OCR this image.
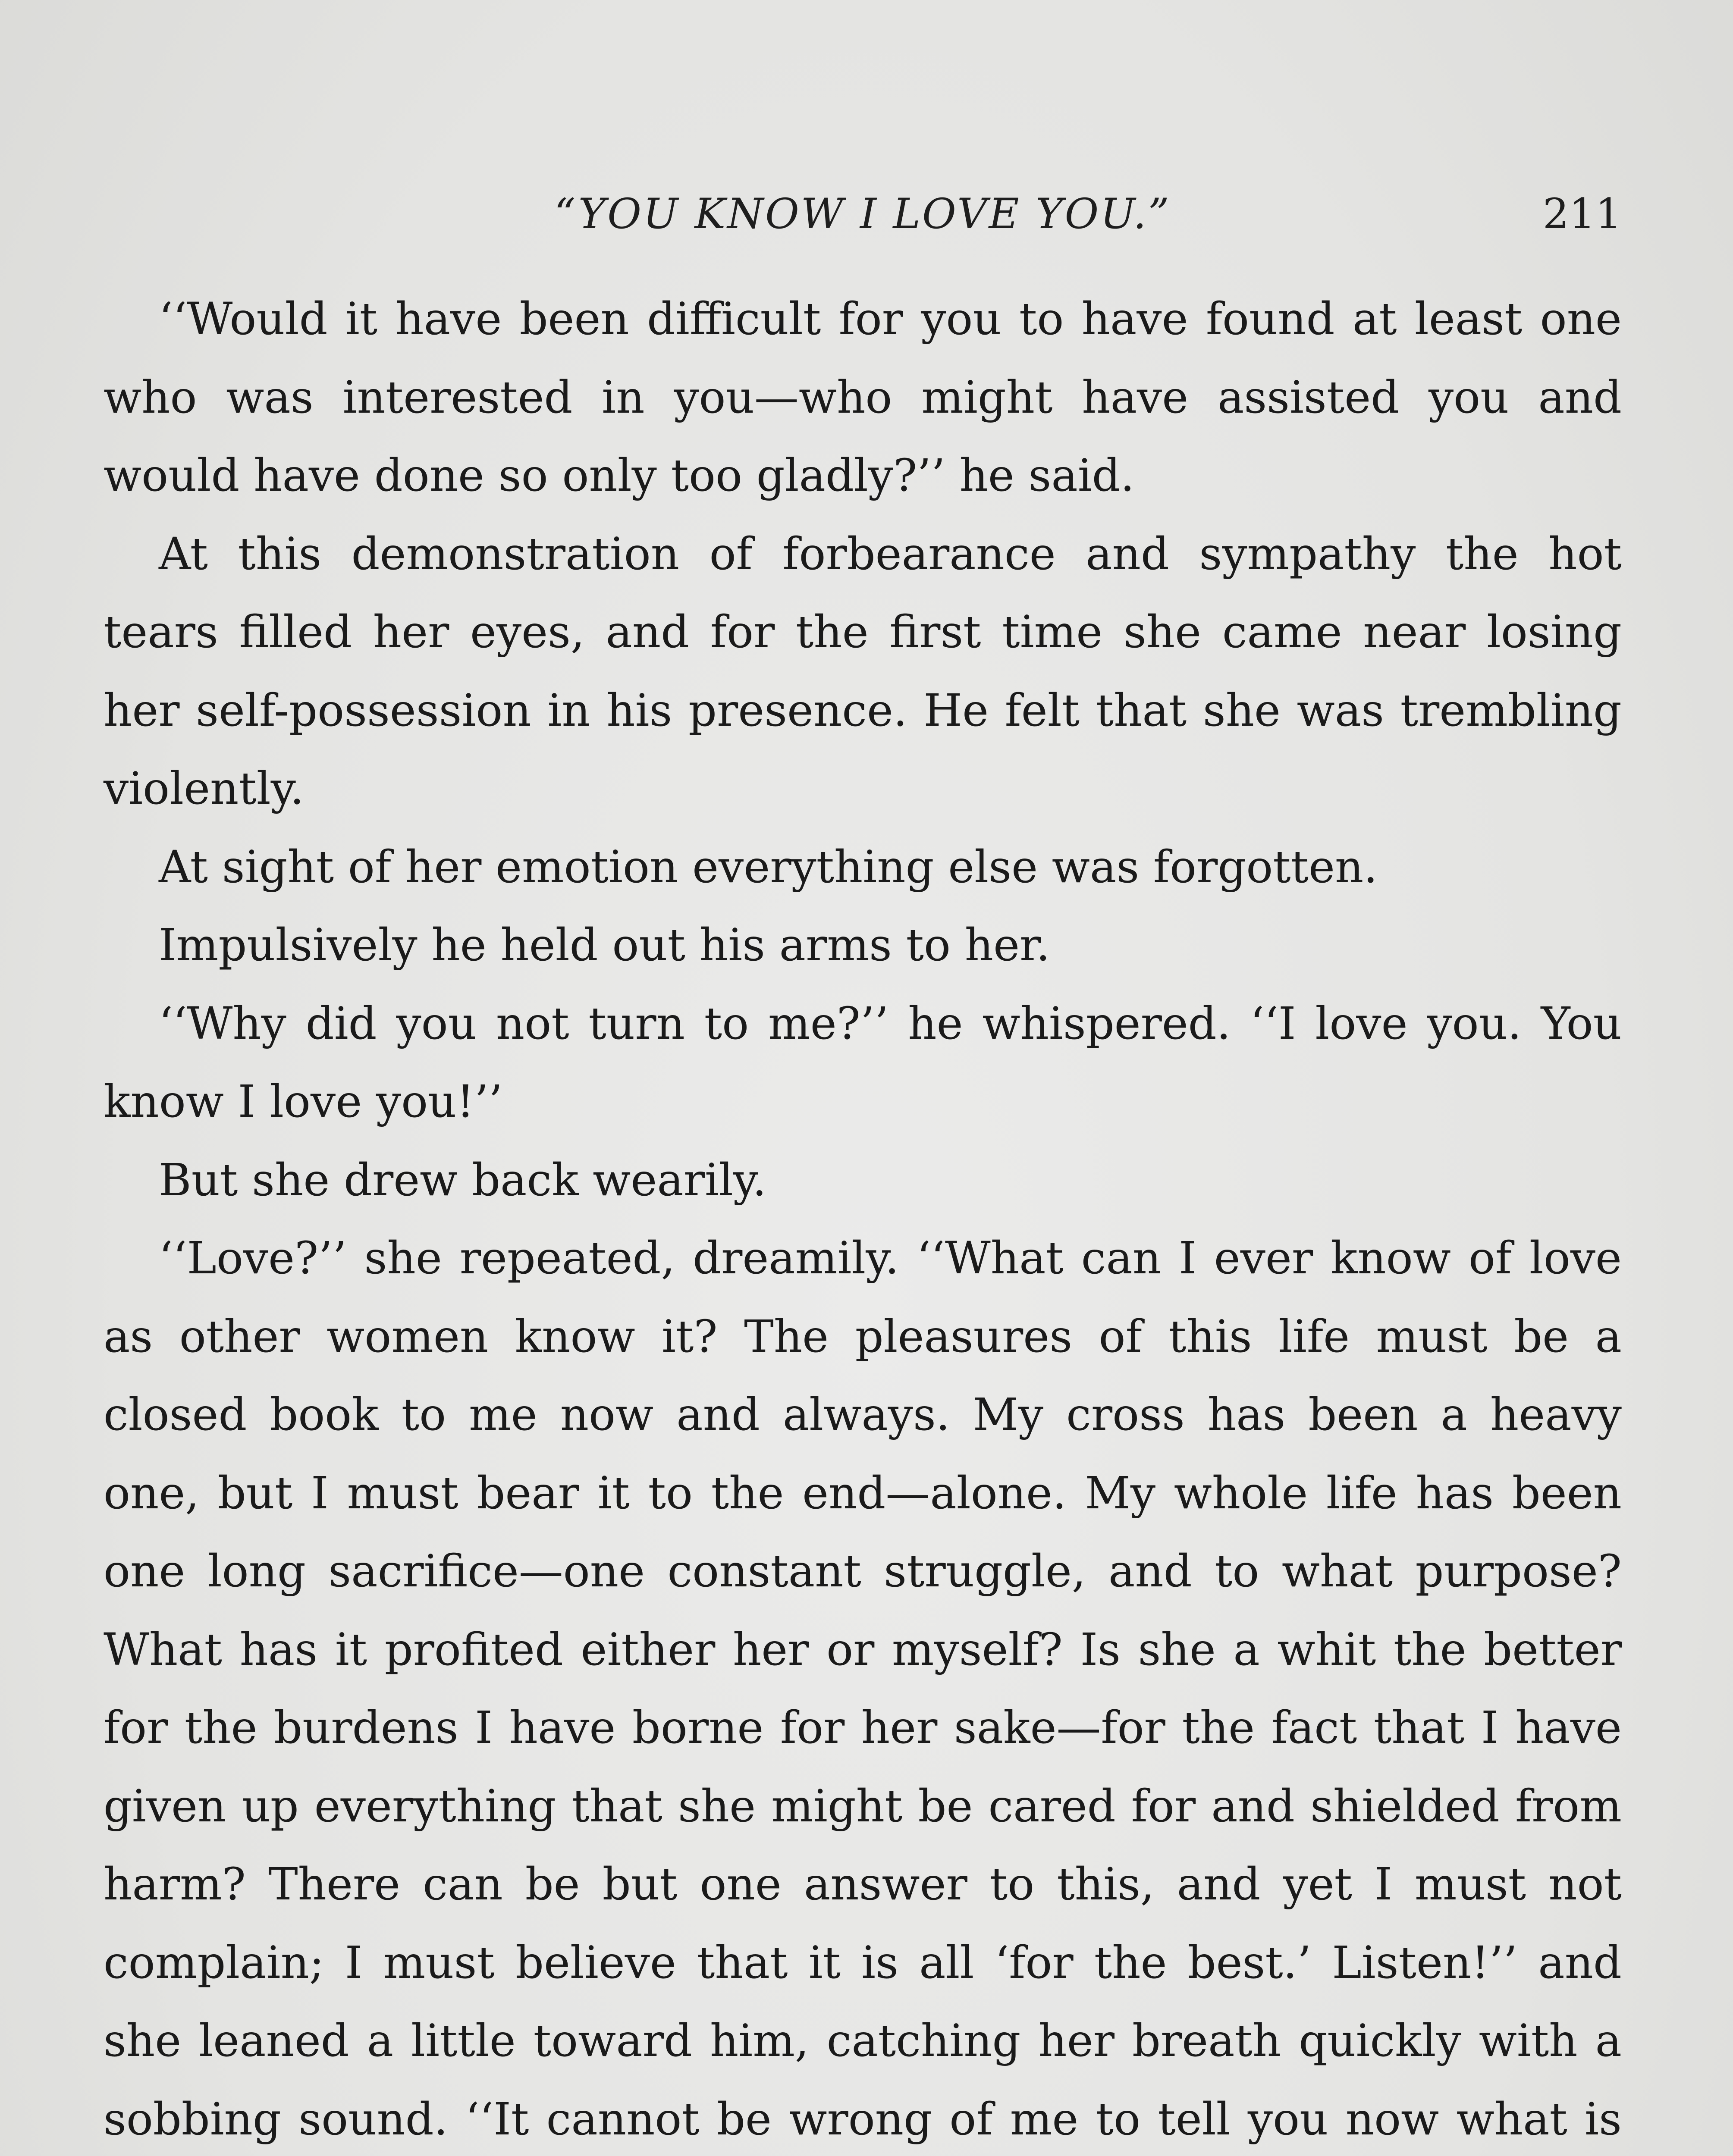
“YOU KNOW I LOVE YOU.”	211

‘‘Would it have been difficult for you to have found at least one who was interested in you—who might have assisted you and would have done so only too gladly?’’ he said.

At this demonstration of forbearance and sympathy the hot tears filled her eyes, and for the first time she came near losing her self-possession in his presence. He felt that she was trembling violently.

At sight of her emotion everything else was forgotten.

Impulsively he held out his arms to her.

‘‘Why did you not turn to me?’’ he whispered. ‘‘I love you. You know I love you!’’

But she drew back wearily.

‘‘Love?’’ she repeated, dreamily. ‘‘What can I ever know of love as other women know it? The pleasures of this life must be a closed book to me now and always. My cross has been a heavy one, but I must bear it to the end—alone. My whole life has been one long sacrifice—one constant struggle, and to what purpose? What has it profited either her or myself? Is she a whit the better for the burdens I have borne for her sake—for the fact that I have given up everything that she might be cared for and shielded from harm? There can be but one answer to this, and yet I must not complain; I must believe that it is all ‘for the best.’ Listen!’’ and she leaned a little toward him, catching her breath quickly with a sobbing sound. ‘‘It cannot be wrong of me to tell you now what is
